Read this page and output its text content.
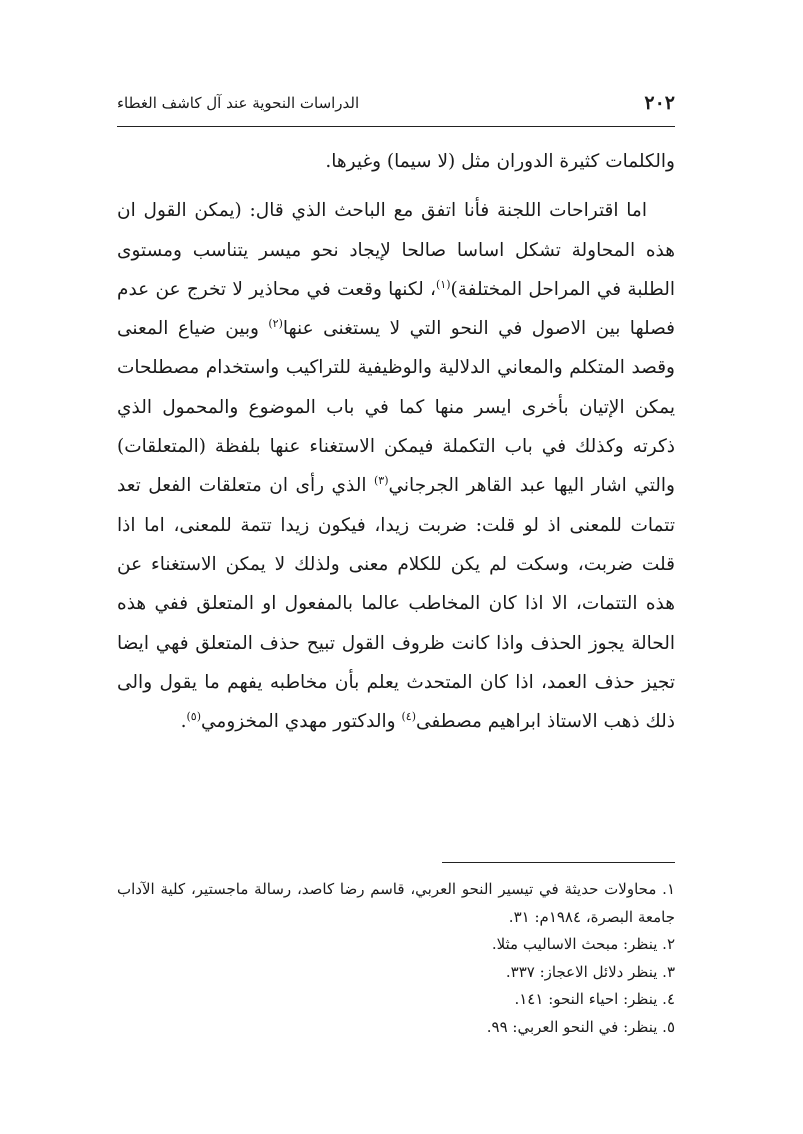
٢٠٢
الدراسات النحوية عند آل كاشف الغطاء

والكلمات كثيرة الدوران مثل (لا سيما) وغيرها.

اما اقتراحات اللجنة فأنا اتفق مع الباحث الذي قال: (يمكن القول ان هذه المحاولة تشكل اساسا صالحا لإيجاد نحو ميسر يتناسب ومستوى الطلبة في المراحل المختلفة)$^{(١)}$، لكنها وقعت في محاذير لا تخرج عن عدم فصلها بين الاصول في النحو التي لا يستغنى عنها$^{(٢)}$ وبين ضياع المعنى وقصد المتكلم والمعاني الدلالية والوظيفية للتراكيب واستخدام مصطلحات يمكن الإتيان بأخرى ايسر منها كما في باب الموضوع والمحمول الذي ذكرته وكذلك في باب التكملة فيمكن الاستغناء عنها بلفظة (المتعلقات) والتي اشار اليها عبد القاهر الجرجاني$^{(٣)}$ الذي رأى ان متعلقات الفعل تعد تتمات للمعنى اذ لو قلت: ضربت زيدا، فيكون زيدا تتمة للمعنى، اما اذا قلت ضربت، وسكت لم يكن للكلام معنى ولذلك لا يمكن الاستغناء عن هذه التتمات، الا اذا كان المخاطب عالما بالمفعول او المتعلق ففي هذه الحالة يجوز الحذف واذا كانت ظروف القول تبيح حذف المتعلق فهي ايضا تجيز حذف العمد، اذا كان المتحدث يعلم بأن مخاطبه يفهم ما يقول والى ذلك ذهب الاستاذ ابراهيم مصطفى$^{(٤)}$ والدكتور مهدي المخزومي$^{(٥)}$.

١. محاولات حديثة في تيسير النحو العربي، قاسم رضا كاصد، رسالة ماجستير، كلية الآداب جامعة البصرة، ١٩٨٤م: ٣١.

٢. ينظر: مبحث الاساليب مثلا.

٣. ينظر دلائل الاعجاز: ٣٣٧.

٤. ينظر: احياء النحو: ١٤١.

٥. ينظر: في النحو العربي: ٩٩.
